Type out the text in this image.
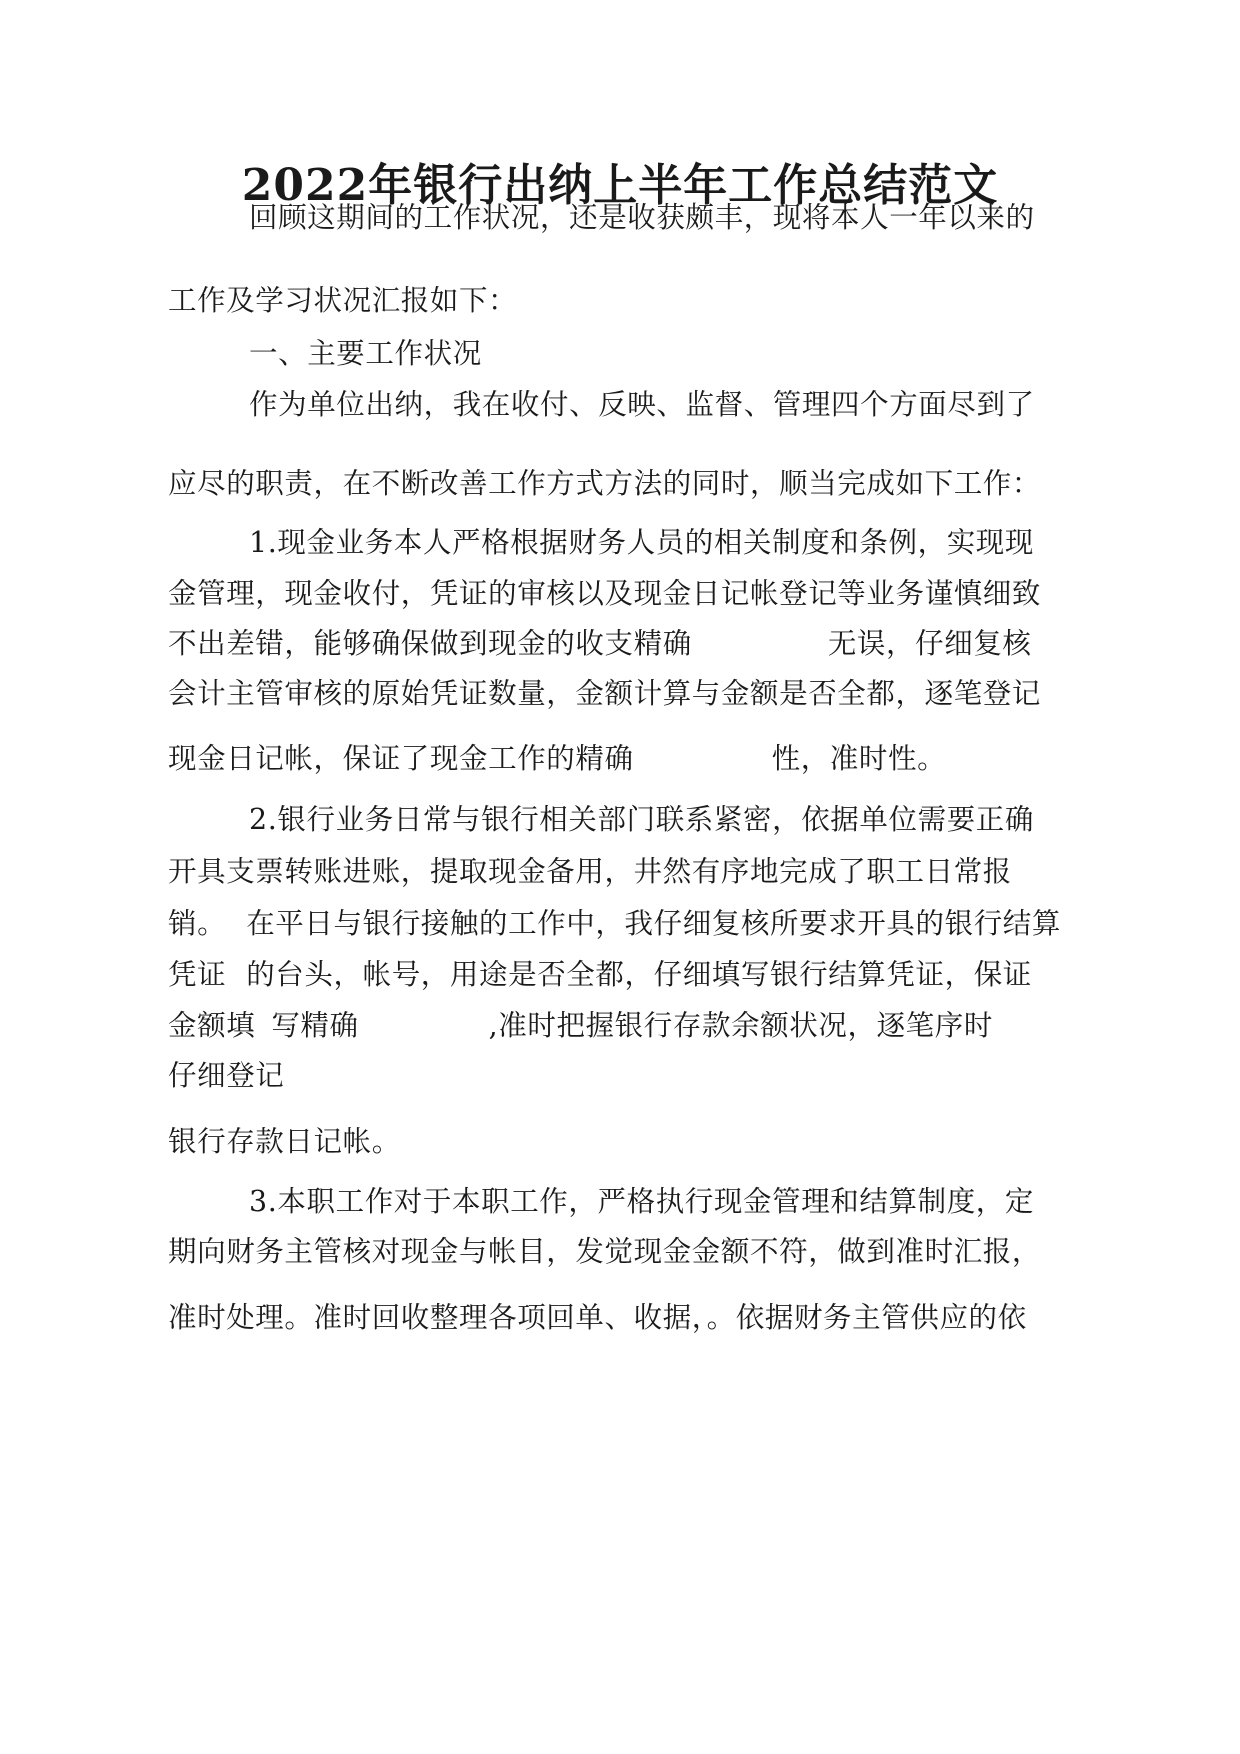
2022年银行出纳上半年工作总结范文
回顾这期间的工作状况，还是收获颇丰，现将本人一年以来的
工作及学习状况汇报如下：
一、主要工作状况
作为单位出纳，我在收付、反映、监督、管理四个方面尽到了
应尽的职责，在不断改善工作方式方法的同时，顺当完成如下工作：
1.现金业务本人严格根据财务人员的相关制度和条例，实现现
金管理，现金收付，凭证的审核以及现金日记帐登记等业务谨慎细致
不出差错，能够确保做到现金的收支精确	无误，仔细复核
会计主管审核的原始凭证数量，金额计算与金额是否全都，逐笔登记
现金日记帐，保证了现金工作的精确	性，准时性。
2.银行业务日常与银行相关部门联系紧密，依据单位需要正确
开具支票转账进账，提取现金备用，井然有序地完成了职工日常报
销。 在平日与银行接触的工作中，我仔细复核所要求开具的银行结算
凭证 的台头，帐号，用途是否全都，仔细填写银行结算凭证，保证
金额填 写精确	,准时把握银行存款余额状况，逐笔序时
仔细登记
银行存款日记帐。
3.本职工作对于本职工作，严格执行现金管理和结算制度，定
期向财务主管核对现金与帐目，发觉现金金额不符，做到准时汇报，
准时处理。准时回收整理各项回单、收据，。依据财务主管供应的依
